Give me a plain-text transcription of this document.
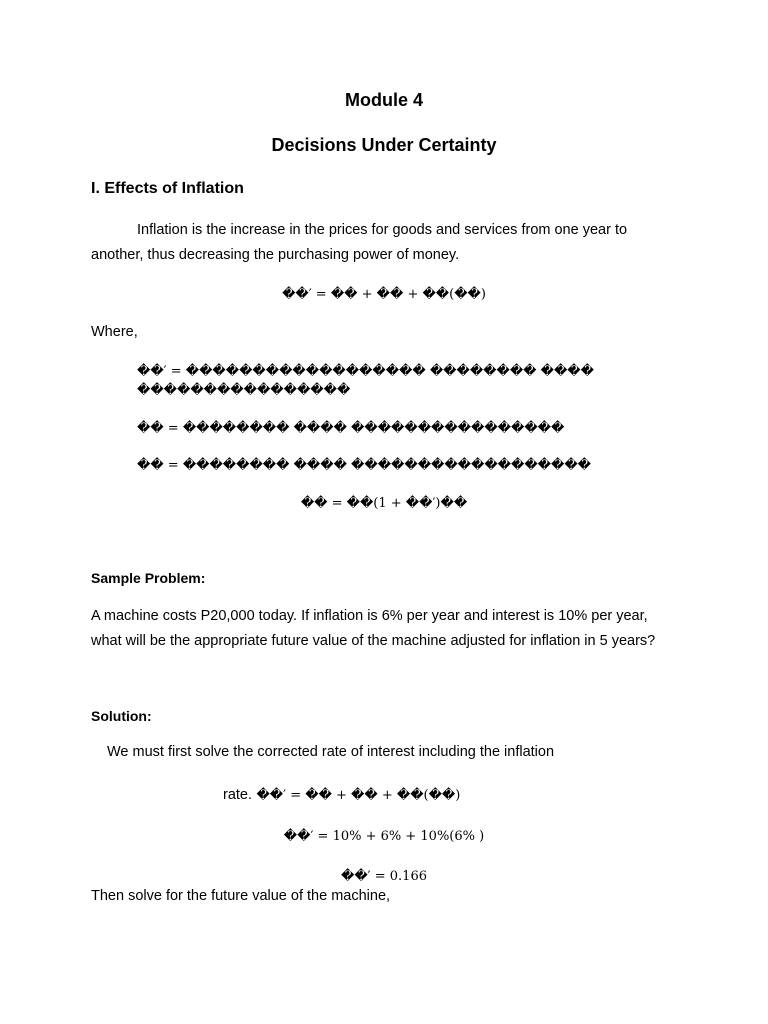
Module 4
Decisions Under Certainty
I. Effects of Inflation
Inflation is the increase in the prices for goods and services from one year to
another, thus decreasing the purchasing power of money.
��′ = �� + �� + ��(��)
Where,
��′ = ������������������ �������� ����
����������������
�� = �������� ���� ����������������
�� = �������� ���� ������������������
�� = ��(1 + ��′)��
Sample Problem:
A machine costs P20,000 today. If inflation is 6% per year and interest is 10% per year,
what will be the appropriate future value of the machine adjusted for inflation in 5 years?
Solution:
We must first solve the corrected rate of interest including the inflation
rate. ��′ = �� + �� + ��(��)
��′ = 10% + 6% + 10%(6% )
��′ = 0.166
Then solve for the future value of the machine,
